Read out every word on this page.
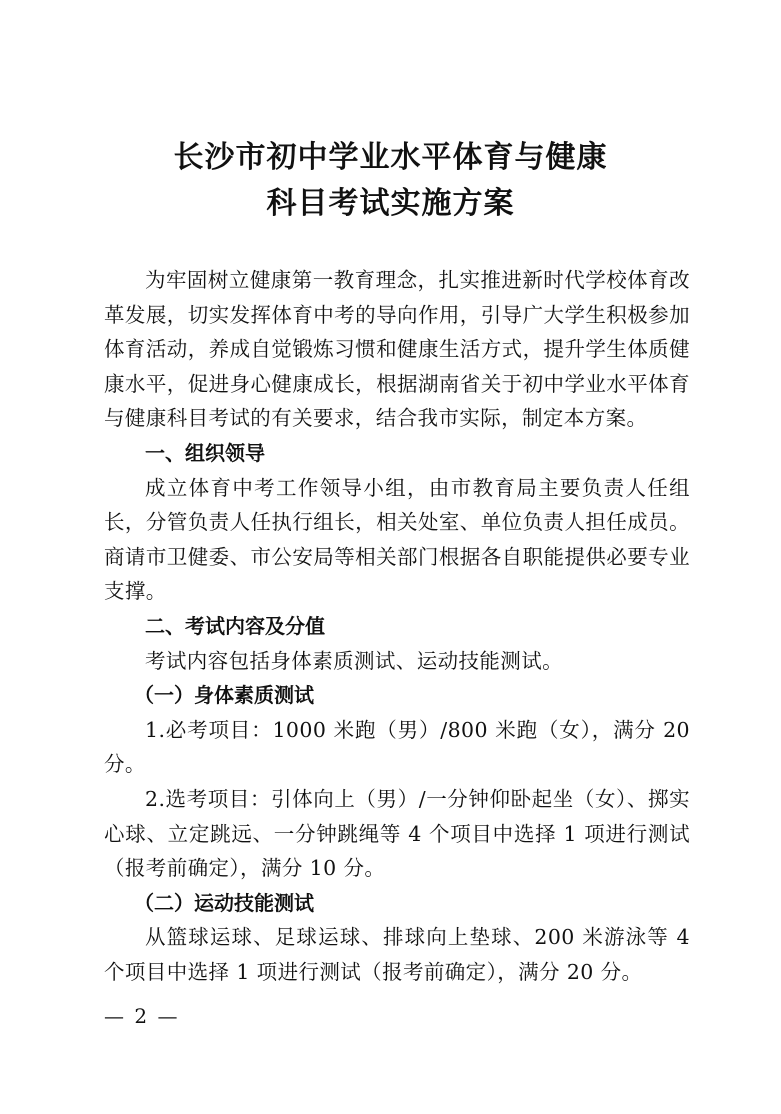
长沙市初中学业水平体育与健康
科目考试实施方案

为牢固树立健康第一教育理念，扎实推进新时代学校体育改革发展，切实发挥体育中考的导向作用，引导广大学生积极参加体育活动，养成自觉锻炼习惯和健康生活方式，提升学生体质健康水平，促进身心健康成长，根据湖南省关于初中学业水平体育与健康科目考试的有关要求，结合我市实际，制定本方案。

一、组织领导

成立体育中考工作领导小组，由市教育局主要负责人任组长，分管负责人任执行组长，相关处室、单位负责人担任成员。商请市卫健委、市公安局等相关部门根据各自职能提供必要专业支撑。

二、考试内容及分值

考试内容包括身体素质测试、运动技能测试。

（一）身体素质测试

1.必考项目：1000 米跑（男）/800 米跑（女），满分 20 分。

2.选考项目：引体向上（男）/一分钟仰卧起坐（女）、掷实心球、立定跳远、一分钟跳绳等 4 个项目中选择 1 项进行测试（报考前确定），满分 10 分。

（二）运动技能测试

从篮球运球、足球运球、排球向上垫球、200 米游泳等 4 个项目中选择 1 项进行测试（报考前确定），满分 20 分。

— 2 —
